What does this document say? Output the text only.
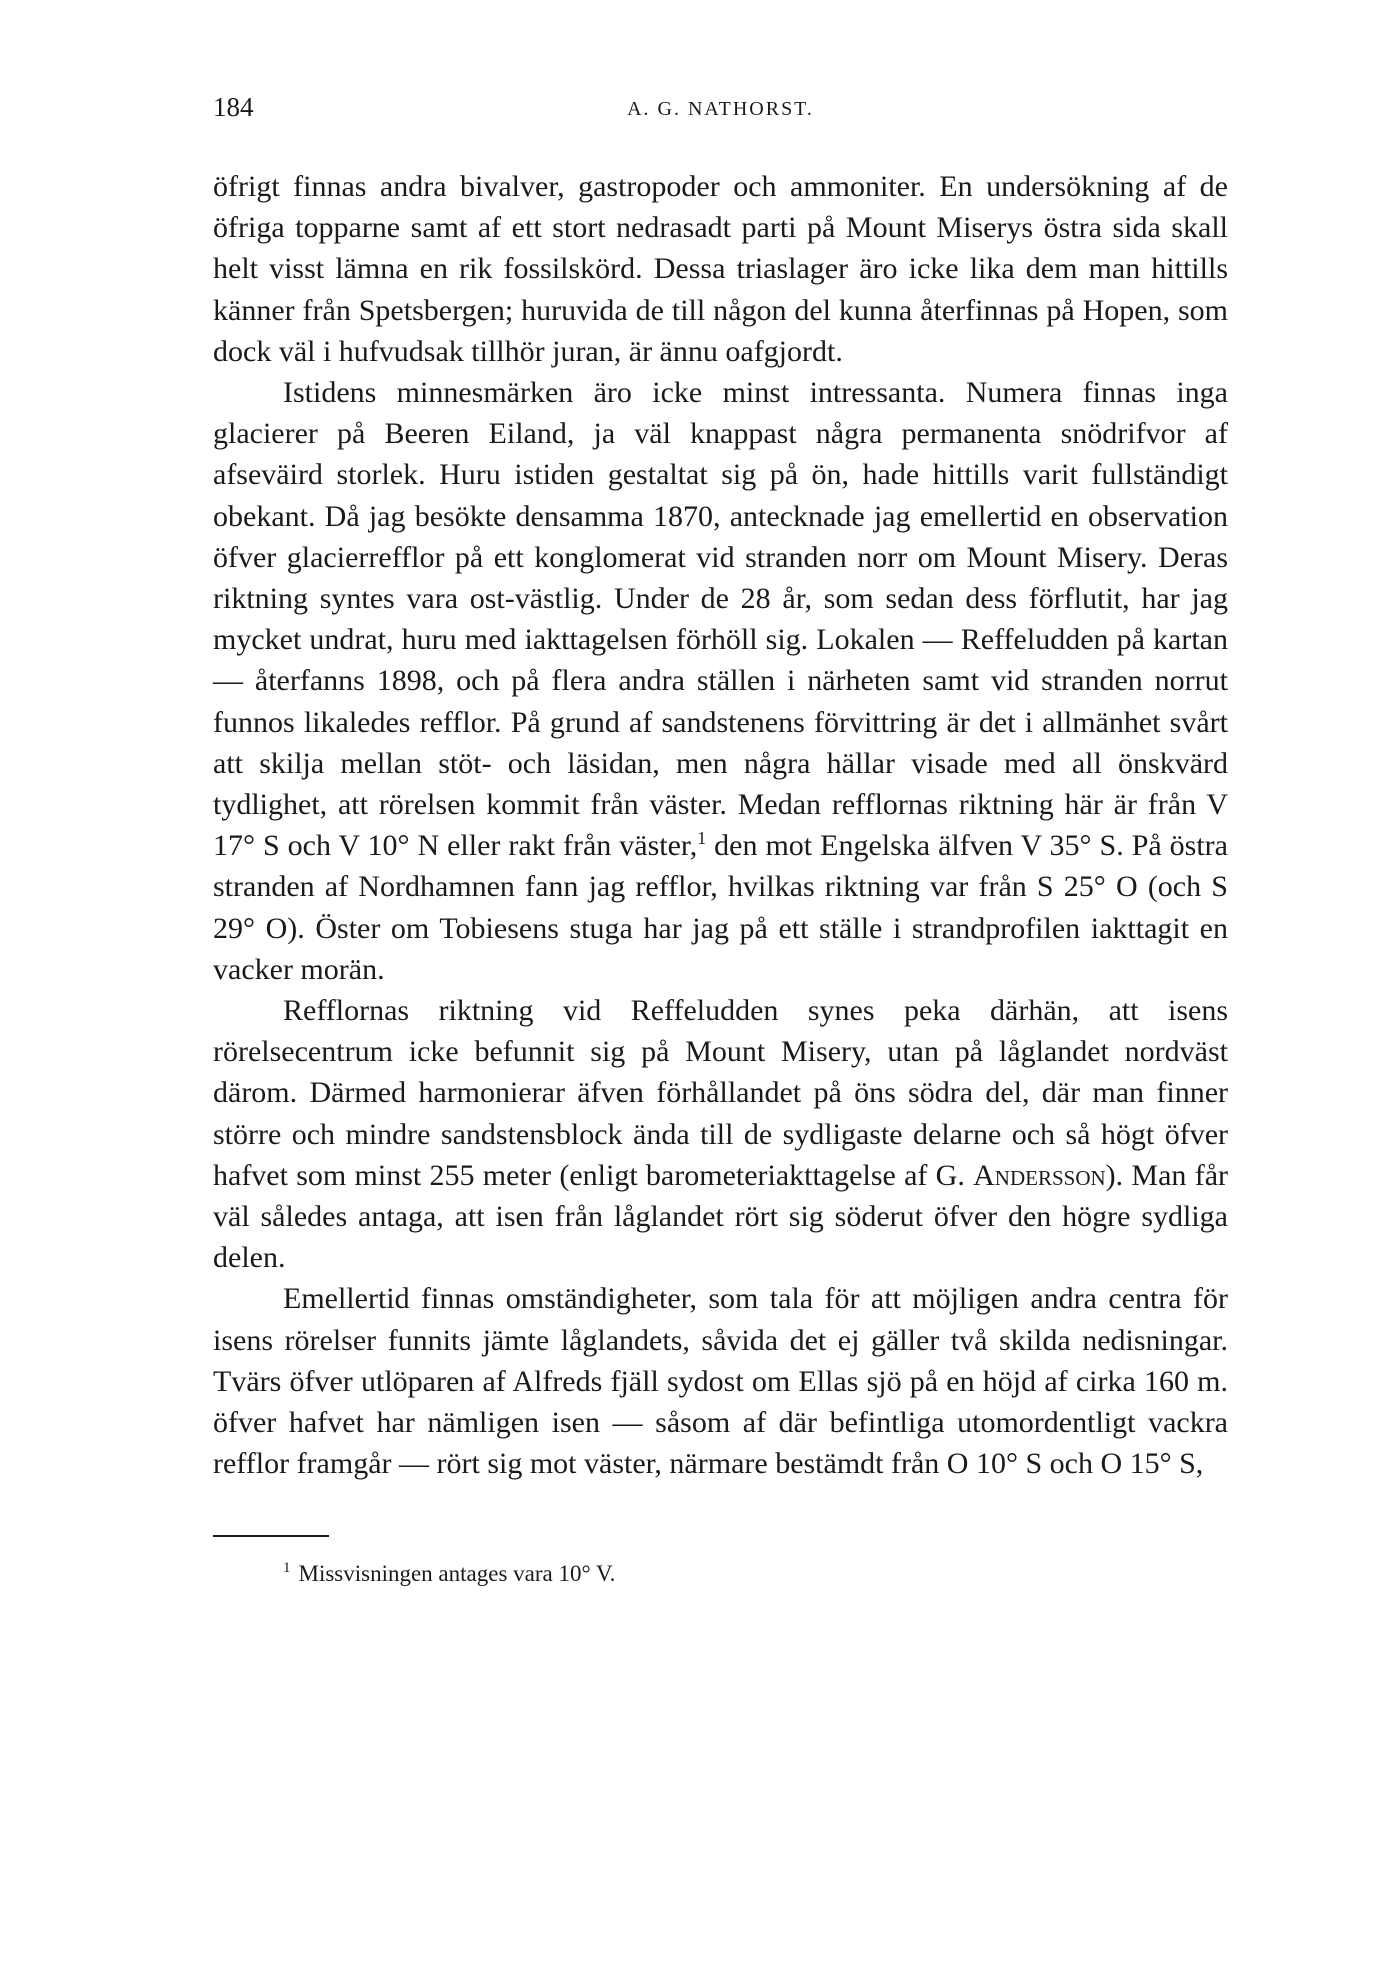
184	A. G. NATHORST.

öfrigt finnas andra bivalver, gastropoder och ammoniter. En undersökning af de öfriga topparne samt af ett stort nedrasadt parti på Mount Miserys östra sida skall helt visst lämna en rik fossilskörd. Dessa triaslager äro icke lika dem man hittills känner från Spetsbergen; huruvida de till någon del kunna återfinnas på Hopen, som dock väl i hufvudsak tillhör juran, är ännu oafgjordt.

Istidens minnesmärken äro icke minst intressanta. Numera finnas inga glacierer på Beeren Eiland, ja väl knappast några permanenta snödrifvor af afseväird storlek. Huru istiden gestaltat sig på ön, hade hittills varit fullständigt obekant. Då jag besökte densamma 1870, antecknade jag emellertid en observation öfver glacierrefflor på ett konglomerat vid stranden norr om Mount Misery. Deras riktning syntes vara ost-västlig. Under de 28 år, som sedan dess förflutit, har jag mycket undrat, huru med iakttagelsen förhöll sig. Lokalen — Reffeludden på kartan — återfanns 1898, och på flera andra ställen i närheten samt vid stranden norrut funnos likaledes refflor. På grund af sandstenens förvittring är det i allmänhet svårt att skilja mellan stöt- och läsidan, men några hällar visade med all önskvärd tydlighet, att rörelsen kommit från väster. Medan refflornas riktning här är från V 17° S och V 10° N eller rakt från väster,$^1$ den mot Engelska älfven V 35° S. På östra stranden af Nordhamnen fann jag refflor, hvilkas riktning var från S 25° O (och S 29° O). Öster om Tobiesens stuga har jag på ett ställe i strandprofilen iakttagit en vacker morän.

Refflornas riktning vid Reffeludden synes peka därhän, att isens rörelsecentrum icke befunnit sig på Mount Misery, utan på låglandet nordväst därom. Därmed harmonierar äfven förhållandet på öns södra del, där man finner större och mindre sandstensblock ända till de sydligaste delarne och så högt öfver hafvet som minst 255 meter (enligt barometeriakttagelse af G. Andersson). Man får väl således antaga, att isen från låglandet rört sig söderut öfver den högre sydliga delen.

Emellertid finnas omständigheter, som tala för att möjligen andra centra för isens rörelser funnits jämte låglandets, såvida det ej gäller två skilda nedisningar. Tvärs öfver utlöparen af Alfreds fjäll sydost om Ellas sjö på en höjd af cirka 160 m. öfver hafvet har nämligen isen — såsom af där befintliga utomordentligt vackra refflor framgår — rört sig mot väster, närmare bestämdt från O 10° S och O 15° S,

$^1$ Missvisningen antages vara 10° V.
